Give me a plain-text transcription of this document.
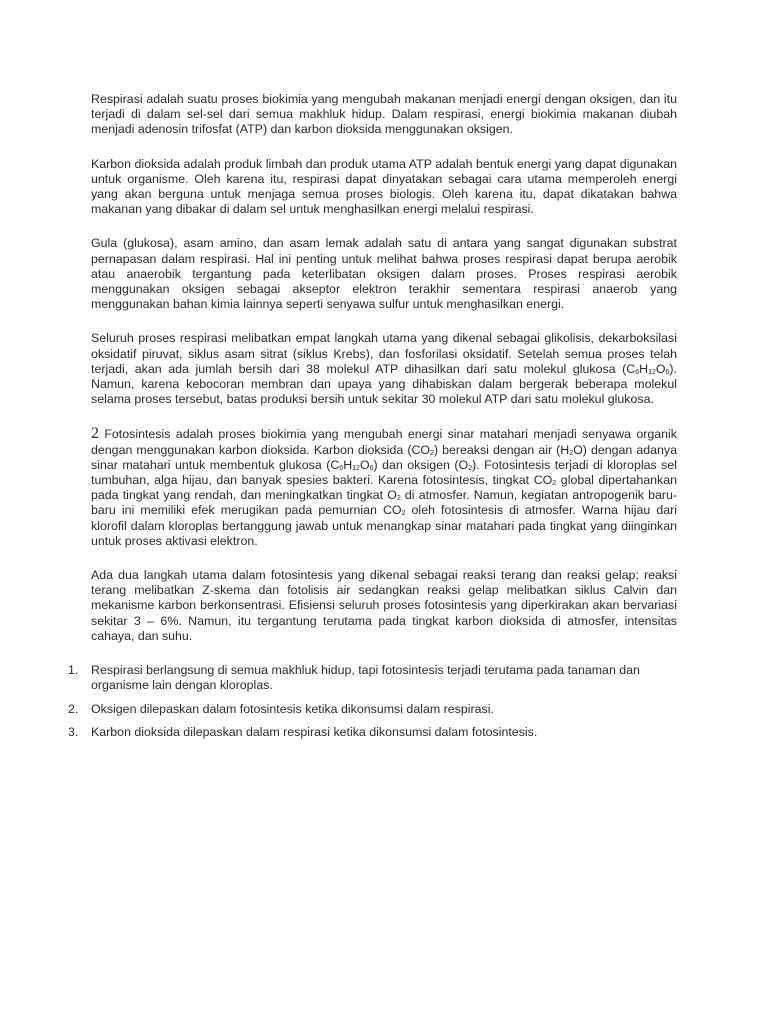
Respirasi adalah suatu proses biokimia yang mengubah makanan menjadi energi dengan oksigen, dan itu terjadi di dalam sel-sel dari semua makhluk hidup. Dalam respirasi, energi biokimia makanan diubah menjadi adenosin trifosfat (ATP) dan karbon dioksida menggunakan oksigen.

Karbon dioksida adalah produk limbah dan produk utama ATP adalah bentuk energi yang dapat digunakan untuk organisme. Oleh karena itu, respirasi dapat dinyatakan sebagai cara utama memperoleh energi yang akan berguna untuk menjaga semua proses biologis. Oleh karena itu, dapat dikatakan bahwa makanan yang dibakar di dalam sel untuk menghasilkan energi melalui respirasi.

Gula (glukosa), asam amino, dan asam lemak adalah satu di antara yang sangat digunakan substrat pernapasan dalam respirasi. Hal ini penting untuk melihat bahwa proses respirasi dapat berupa aerobik atau anaerobik tergantung pada keterlibatan oksigen dalam proses. Proses respirasi aerobik menggunakan oksigen sebagai akseptor elektron terakhir sementara respirasi anaerob yang menggunakan bahan kimia lainnya seperti senyawa sulfur untuk menghasilkan energi.

Seluruh proses respirasi melibatkan empat langkah utama yang dikenal sebagai glikolisis, dekarboksilasi oksidatif piruvat, siklus asam sitrat (siklus Krebs), dan fosforilasi oksidatif. Setelah semua proses telah terjadi, akan ada jumlah bersih dari 38 molekul ATP dihasilkan dari satu molekul glukosa $(C_6H_{12}O_6)$. Namun, karena kebocoran membran dan upaya yang dihabiskan dalam bergerak beberapa molekul selama proses tersebut, batas produksi bersih untuk sekitar 30 molekul ATP dari satu molekul glukosa.

2 Fotosintesis adalah proses biokimia yang mengubah energi sinar matahari menjadi senyawa organik dengan menggunakan karbon dioksida. Karbon dioksida $(CO_2)$ bereaksi dengan air $(H_2O)$ dengan adanya sinar matahari untuk membentuk glukosa $(C_6H_{12}O_6)$ dan oksigen $(O_2)$. Fotosintesis terjadi di kloroplas sel tumbuhan, alga hijau, dan banyak spesies bakteri. Karena fotosintesis, tingkat $CO_2$ global dipertahankan pada tingkat yang rendah, dan meningkatkan tingkat $O_2$ di atmosfer. Namun, kegiatan antropogenik baru-baru ini memiliki efek merugikan pada pemurnian $CO_2$ oleh fotosintesis di atmosfer. Warna hijau dari klorofil dalam kloroplas bertanggung jawab untuk menangkap sinar matahari pada tingkat yang diinginkan untuk proses aktivasi elektron.

Ada dua langkah utama dalam fotosintesis yang dikenal sebagai reaksi terang dan reaksi gelap; reaksi terang melibatkan Z-skema dan fotolisis air sedangkan reaksi gelap melibatkan siklus Calvin dan mekanisme karbon berkonsentrasi. Efisiensi seluruh proses fotosintesis yang diperkirakan akan bervariasi sekitar 3 – 6%. Namun, itu tergantung terutama pada tingkat karbon dioksida di atmosfer, intensitas cahaya, dan suhu.

1. Respirasi berlangsung di semua makhluk hidup, tapi fotosintesis terjadi terutama pada tanaman dan organisme lain dengan kloroplas.
2. Oksigen dilepaskan dalam fotosintesis ketika dikonsumsi dalam respirasi.
3. Karbon dioksida dilepaskan dalam respirasi ketika dikonsumsi dalam fotosintesis.
